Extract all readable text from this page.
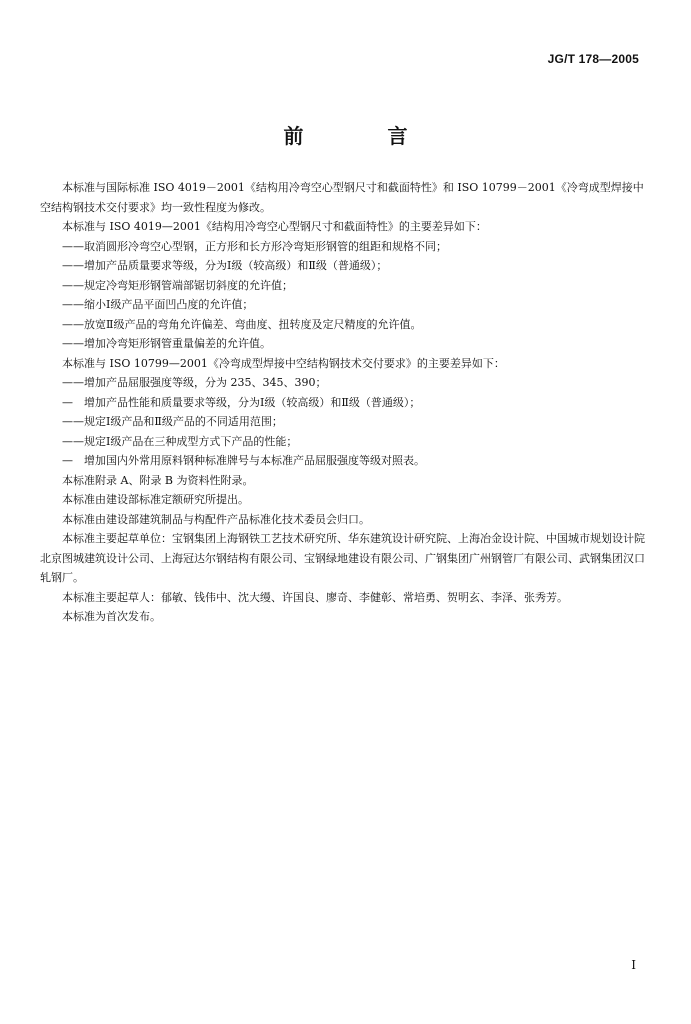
JG/T 178—2005
前　言

本标准与国际标准 ISO 4019－2001《结构用冷弯空心型钢尺寸和截面特性》和 ISO 10799－2001《冷弯成型焊接中空结构钢技术交付要求》均一致性程度为修改。

本标准与 ISO 4019—2001《结构用冷弯空心型钢尺寸和截面特性》的主要差异如下：

——取消圆形冷弯空心型钢，正方形和长方形冷弯矩形钢管的组距和规格不同；

——增加产品质量要求等级，分为Ⅰ级（较高级）和Ⅱ级（普通级）；

——规定冷弯矩形钢管端部锯切斜度的允许值；

——缩小Ⅰ级产品平面凹凸度的允许值；

——放宽Ⅱ级产品的弯角允许偏差、弯曲度、扭转度及定尺精度的允许值。

——增加冷弯矩形钢管重量偏差的允许值。

本标准与 ISO 10799—2001《冷弯成型焊接中空结构钢技术交付要求》的主要差异如下：

——增加产品屈服强度等级，分为 235、345、390；

—　增加产品性能和质量要求等级，分为Ⅰ级（较高级）和Ⅱ级（普通级）；

——规定Ⅰ级产品和Ⅱ级产品的不同适用范围；

——规定Ⅰ级产品在三种成型方式下产品的性能；

—　增加国内外常用原料钢种标准牌号与本标准产品屈服强度等级对照表。

本标准附录 A、附录 B 为资料性附录。

本标准由建设部标准定额研究所提出。

本标准由建设部建筑制品与构配件产品标准化技术委员会归口。

本标准主要起草单位：宝钢集团上海钢铁工艺技术研究所、华东建筑设计研究院、上海冶金设计院、中国城市规划设计院北京图城建筑设计公司、上海冠达尔钢结构有限公司、宝钢绿地建设有限公司、广钢集团广州钢管厂有限公司、武钢集团汉口轧钢厂。

本标准主要起草人：郁敏、钱伟中、沈大缦、许国良、廖奇、李健彰、常培勇、贺明玄、李泽、张秀芳。

本标准为首次发布。

I
